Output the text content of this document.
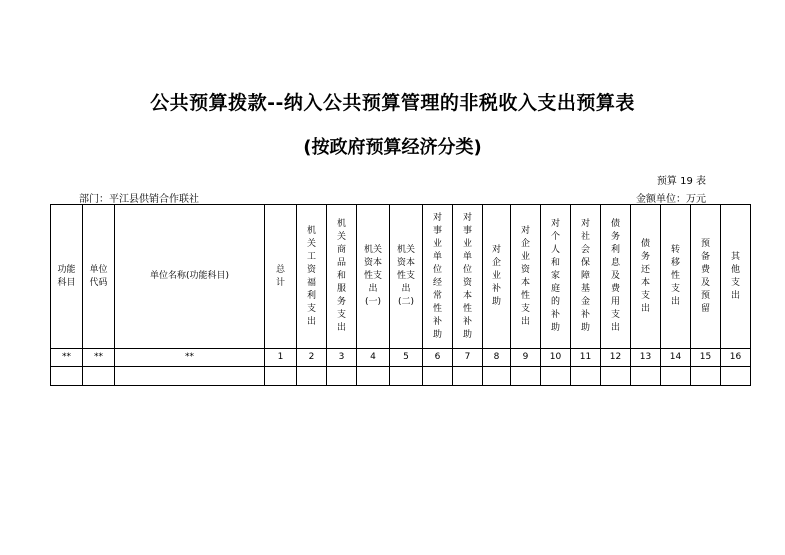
公共预算拨款--纳入公共预算管理的非税收入支出预算表
(按政府预算经济分类)
预算 19 表
部门：平江县供销合作联社	金额单位：万元
功能科目	单位代码	单位名称(功能科目)	总计	机关工资福利支出	机关商品和服务支出	机关资本性支出(一)	机关资本性支出(二)	对事业单位经常性补助	对事业单位资本性补助	对企业补助	对企业资本性支出	对个人和家庭的补助	对社会保障基金补助	债务利息及费用支出	债务还本支出	转移性支出	预备费及预留	其他支出
**	**	**	1	2	3	4	5	6	7	8	9	10	11	12	13	14	15	16
